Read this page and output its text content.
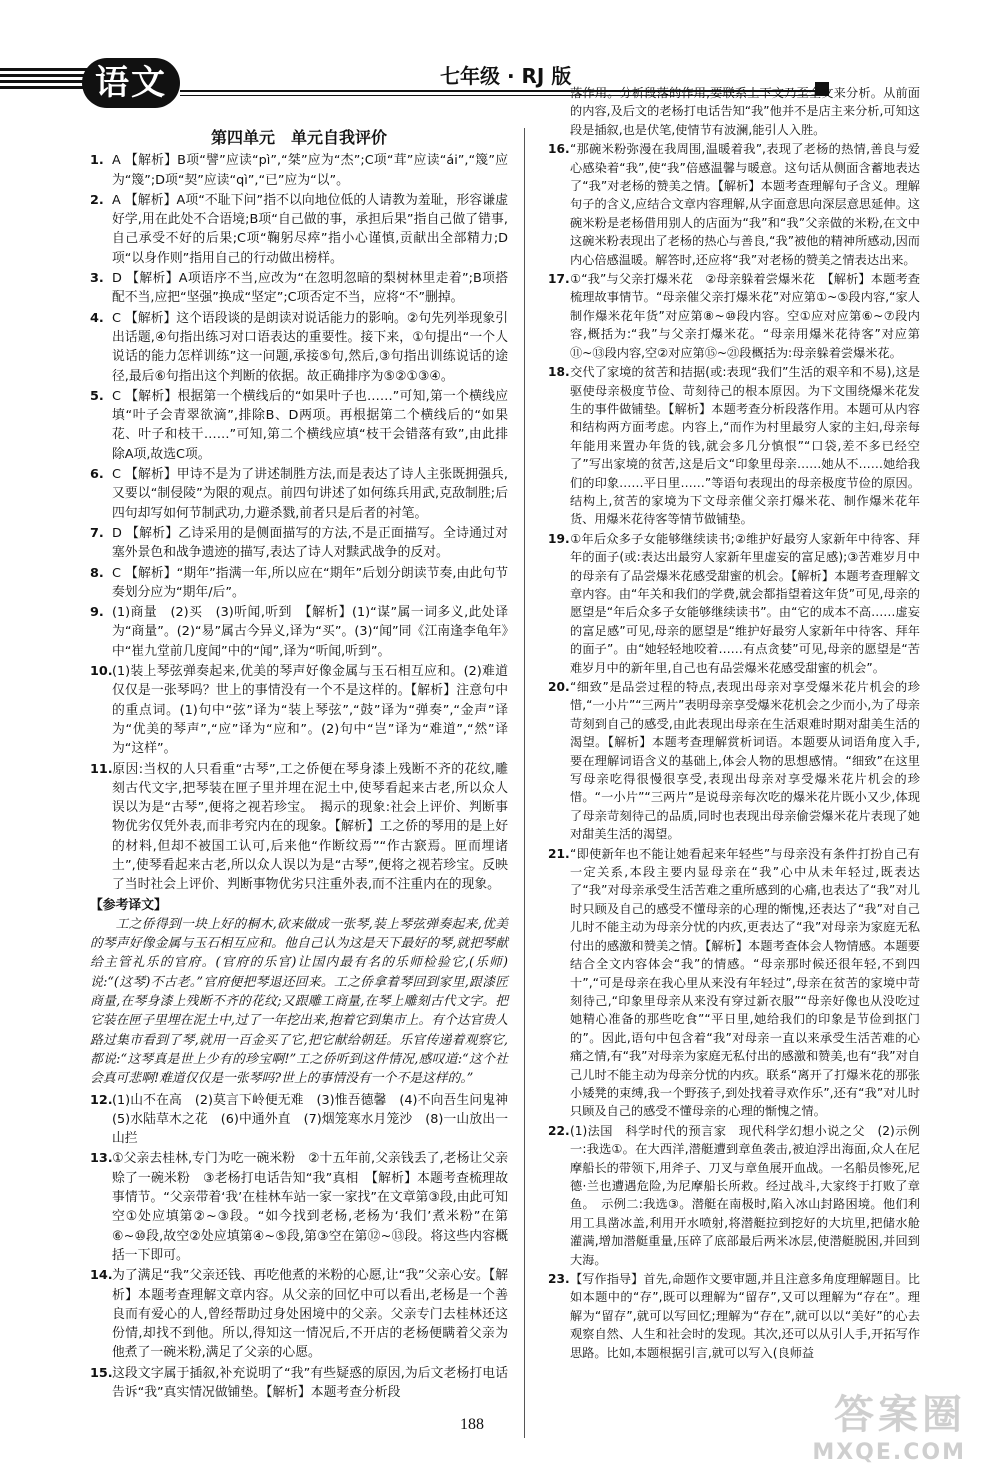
语文	七年级 · RJ 版

第四单元　单元自我评价

1. A 【解析】B项“譬”应读“pì”,“桀”应为“杰”;C项“茸”应读“ái”,“篾”应为“篾”;D项“契”应读“qì”,“已”应为“以”。

2. A 【解析】A项“不耻下问”指不以向地位低的人请教为羞耻，形容谦虚好学,用在此处不合语境;B项“自己做的事，承担后果”指自己做了错事,自己承受不好的后果;C项“鞠躬尽瘁”指小心谨慎,贡献出全部精力;D项“以身作则”指用自己的行动做出榜样。

3. D 【解析】A项语序不当,应改为“在忽明忽暗的梨树林里走着”;B项搭配不当,应把“坚强”换成“坚定”;C项否定不当，应将“不”删掉。

4. C 【解析】这个语段谈的是朗读对说话能力的影响。②句先列举现象引出话题,④句指出练习对口语表达的重要性。接下来，①句提出“一个人说话的能力怎样训练”这一问题,承接⑤句,然后,③句指出训练说话的途径,最后⑥句指出这个判断的依据。故正确排序为⑤②①③④。

5. C 【解析】根据第一个横线后的“如果叶子也……”可知,第一个横线应填“叶子会青翠欲滴”,排除B、D两项。再根据第二个横线后的“如果花、叶子和枝干……”可知,第二个横线应填“枝干会错落有致”,由此排除A项,故选C项。

6. C 【解析】甲诗不是为了讲述制胜方法,而是表达了诗人主张既拥强兵,又要以“制侵陵”为限的观点。前四句讲述了如何练兵用武,克敌制胜;后四句却写如何节制武功,力避杀戮,前者只是后者的衬笔。

7. D 【解析】乙诗采用的是侧面描写的方法,不是正面描写。全诗通过对塞外景色和战争遗迹的描写,表达了诗人对黩武战争的反对。

8. C 【解析】“期年”指满一年,所以应在“期年”后划分朗读节奏,由此句节奏划分应为“期年/后”。

9. (1)商量　(2)买　(3)听闻,听到　【解析】(1)“谋”属一词多义,此处译为“商量”。(2)“易”属古今异义,译为“买”。(3)“闻”同《江南逢李龟年》中“崔九堂前几度闻”中的“闻”,译为“听闻,听到”。

10.(1)装上琴弦弹奏起来,优美的琴声好像金属与玉石相互应和。(2)难道仅仅是一张琴吗？世上的事情没有一个不是这样的。【解析】注意句中的重点词。(1)句中“弦”译为“装上琴弦”,“鼓”译为“弹奏”,“金声”译为“优美的琴声”,“应”译为“应和”。(2)句中“岂”译为“难道”,“然”译为“这样”。

11.原因:当权的人只看重“古琴”,工之侨便在琴身漆上残断不齐的花纹,雕刻古代文字,把琴装在匣子里并埋在泥土中,使琴看起来古老,所以众人误以为是“古琴”,便将之视若珍宝。　揭示的现象:社会上评价、判断事物优劣仅凭外表,而非考究内在的现象。【解析】工之侨的琴用的是上好的材料,但却不被国工认可,后来他“作断纹焉”“作古窾焉。匣而埋诸土”,使琴看起来古老,所以众人误以为是“古琴”,便将之视若珍宝。反映了当时社会上评价、判断事物优劣只注重外表,而不注重内在的现象。

【参考译文】

工之侨得到一块上好的桐木,砍来做成一张琴,装上琴弦弹奏起来,优美的琴声好像金属与玉石相互应和。他自己认为这是天下最好的琴,就把琴献给主管礼乐的官府。(官府的乐官)让国内最有名的乐师检验它,(乐师)说:“(这琴)不古老。”官府便把琴退还回来。工之侨拿着琴回到家里,跟漆匠商量,在琴身漆上残断不齐的花纹;又跟雕工商量,在琴上雕刻古代文字。把它装在匣子里埋在泥土中,过了一年挖出来,抱着它到集市上。有个达官贵人路过集市看到了琴,就用一百金买了它,把它献给朝廷。乐官传递着观察它,都说:“这琴真是世上少有的珍宝啊!”工之侨听到这件情况,感叹道:“这个社会真可悲啊!难道仅仅是一张琴吗?世上的事情没有一个不是这样的。”

12.(1)山不在高　(2)莫言下岭便无难　(3)惟吾德馨　(4)不向吾生问鬼神　(5)水陆草木之花　(6)中通外直　(7)烟笼寒水月笼沙　(8)一山放出一山拦

13.①父亲去桂林,专门为吃一碗米粉　②十五年前,父亲钱丢了,老杨让父亲赊了一碗米粉　③老杨打电话告知“我”真相　【解析】本题考查梳理故事情节。“父亲带着‘我’在桂林车站一家一家找”在文章第③段,由此可知空①处应填第②~③段。“如今找到老杨,老杨为‘我们’煮米粉”在第⑥~⑩段,故空②处应填第④~⑤段,第③空在第⑫~⑬段。将这些内容概括一下即可。

14.为了满足“我”父亲还钱、再吃他煮的米粉的心愿,让“我”父亲心安。【解析】本题考查理解文章内容。从父亲的回忆中可以看出,老杨是一个善良而有爱心的人,曾经帮助过身处困境中的父亲。父亲专门去桂林还这份情,却找不到他。所以,得知这一情况后,不开店的老杨便瞒着父亲为他煮了一碗米粉,满足了父亲的心愿。

15.这段文字属于插叙,补充说明了“我”有些疑惑的原因,为后文老杨打电话告诉“我”真实情况做铺垫。【解析】本题考查分析段

落作用。分析段落的作用,要联系上下文乃至全文来分析。从前面的内容,及后文的老杨打电话告知“我”他并不是店主来分析,可知这段是插叙,也是伏笔,使情节有波澜,能引人入胜。

16.“那碗米粉弥漫在我周围,温暖着我”,表现了老杨的热情,善良与爱心感染着“我”,使“我”倍感温馨与暖意。这句话从侧面含蓄地表达了“我”对老杨的赞美之情。【解析】本题考查理解句子含义。理解句子的含义,应结合文章内容理解,从字面意思向深层意思延伸。这碗米粉是老杨借用别人的店面为“我”和“我”父亲做的米粉,在文中这碗米粉表现出了老杨的热心与善良,“我”被他的精神所感动,因而内心倍感温暖。解答时,还应将“我”对老杨的赞美之情表达出来。

17.①“我”与父亲打爆米花　②母亲躲着尝爆米花　【解析】本题考查梳理故事情节。“母亲催父亲打爆米花”对应第①~⑤段内容,“家人制作爆米花年货”对应第⑧~⑩段内容。空①应对应第⑥~⑦段内容,概括为:“我”与父亲打爆米花。“母亲用爆米花待客”对应第⑪~⑬段内容,空②对应第⑮~㉑段概括为:母亲躲着尝爆米花。

18.交代了家境的贫苦和拮据(或:表现“我们”生活的艰辛和不易),这是驱使母亲极度节俭、苛刻待己的根本原因。为下文围绕爆米花发生的事件做铺垫。【解析】本题考查分析段落作用。本题可从内容和结构两方面考虑。内容上,“而作为村里最穷人家的主妇,母亲每年能用来置办年货的钱,就会多几分慎恨”“口袋,差不多已经空了”写出家境的贫苦,这是后文“印象里母亲……她从不……她给我们的印象……平日里……”等语句表现出的母亲极度节俭的原因。结构上,贫苦的家境为下文母亲催父亲打爆米花、制作爆米花年货、用爆米花待客等情节做铺垫。

19.①年后众多子女能够继续读书;②维护好最穷人家新年中待客、拜年的面子(或:表达出最穷人家新年里虚妄的富足感);③苦难岁月中的母亲有了品尝爆米花感受甜蜜的机会。【解析】本题考查理解文章内容。由“年关和我们的学费,就会都指望着这年货”可见,母亲的愿望是“年后众多子女能够继续读书”。由“它的成本不高……虚妄的富足感”可见,母亲的愿望是“维护好最穷人家新年中待客、拜年的面子”。由“她轻轻地咬着……有点贪婪”可见,母亲的愿望是“苦难岁月中的新年里,自己也有品尝爆米花感受甜蜜的机会”。

20.“细致”是品尝过程的特点,表现出母亲对享受爆米花片机会的珍惜,“一小片”“三两片”表明母亲享受爆米花机会之少而小,为了母亲苛刻到自己的感受,由此表现出母亲在生活艰难时期对甜美生活的渴望。【解析】本题考查理解赏析词语。本题要从词语角度入手,要在理解词语含义的基础上,体会人物的思想感情。“细致”在这里写母亲吃得很慢很享受,表现出母亲对享受爆米花片机会的珍惜。“一小片”“三两片”是说母亲每次吃的爆米花片既小又少,体现了母亲苛刻待己的品质,同时也表现出母亲偷尝爆米花片表现了她对甜美生活的渴望。

21.“即使新年也不能让她看起来年轻些”与母亲没有条件打扮自己有一定关系,本段主要内显母亲在“我”心中从未年轻过,既表达了“我”对母亲承受生活苦难之重所感到的心痛,也表达了“我”对儿时只顾及自己的感受不懂母亲的心理的惭愧,还表达了“我”对自己儿时不能主动为母亲分忧的内疚,更表达了“我”对母亲为家庭无私付出的感激和赞美之情。【解析】本题考查体会人物情感。本题要结合全文内容体会“我”的情感。“母亲那时候还很年轻,不到四十”,“可是母亲在我心里从来没有年轻过”,母亲在贫苦的家境中苛刻待己,“印象里母亲从来没有穿过新衣服”“母亲好像也从没吃过她精心准备的那些吃食”“平日里,她给我们的印象是节俭到抠门的”。因此,语句中包含着“我”对母亲一直以来承受生活苦难的心痛之情,有“我”对母亲为家庭无私付出的感激和赞美,也有“我”对自己儿时不能主动为母亲分忧的内疚。联系“离开了打爆米花的那张小矮凳的束缚,我一个野孩子,到处找着寻欢作乐”,还有“我”对儿时只顾及自己的感受不懂母亲的心理的惭愧之情。

22.(1)法国　科学时代的预言家　现代科学幻想小说之父　(2)示例一:我选①。在大西洋,潜艇遭到章鱼袭击,被迫浮出海面,众人在尼摩船长的带领下,用斧子、刀叉与章鱼展开血战。一名船员惨死,尼德·兰也遭遇危险,为尼摩船长所救。经过战斗,大家终于打败了章鱼。　示例二:我选③。潜艇在南极时,陷入冰山封路困境。他们利用工具凿冰盖,利用开水喷射,将潜艇拉到挖好的大坑里,把储水舱灌满,增加潜艇重量,压碎了底部最后两米冰层,使潜艇脱困,并回到大海。

23.【写作指导】首先,命题作文要审题,并且注意多角度理解题目。比如本题中的“存”,既可以理解为“留存”,又可以理解为“存在”。理解为“留存”,就可以写回忆;理解为“存在”,就可以以“美好”的心去观察自然、人生和社会时的发现。其次,还可以从引人手,开拓写作思路。比如,本题根据引言,就可以写入(良师益

188	答案圈
MXQE.COM
